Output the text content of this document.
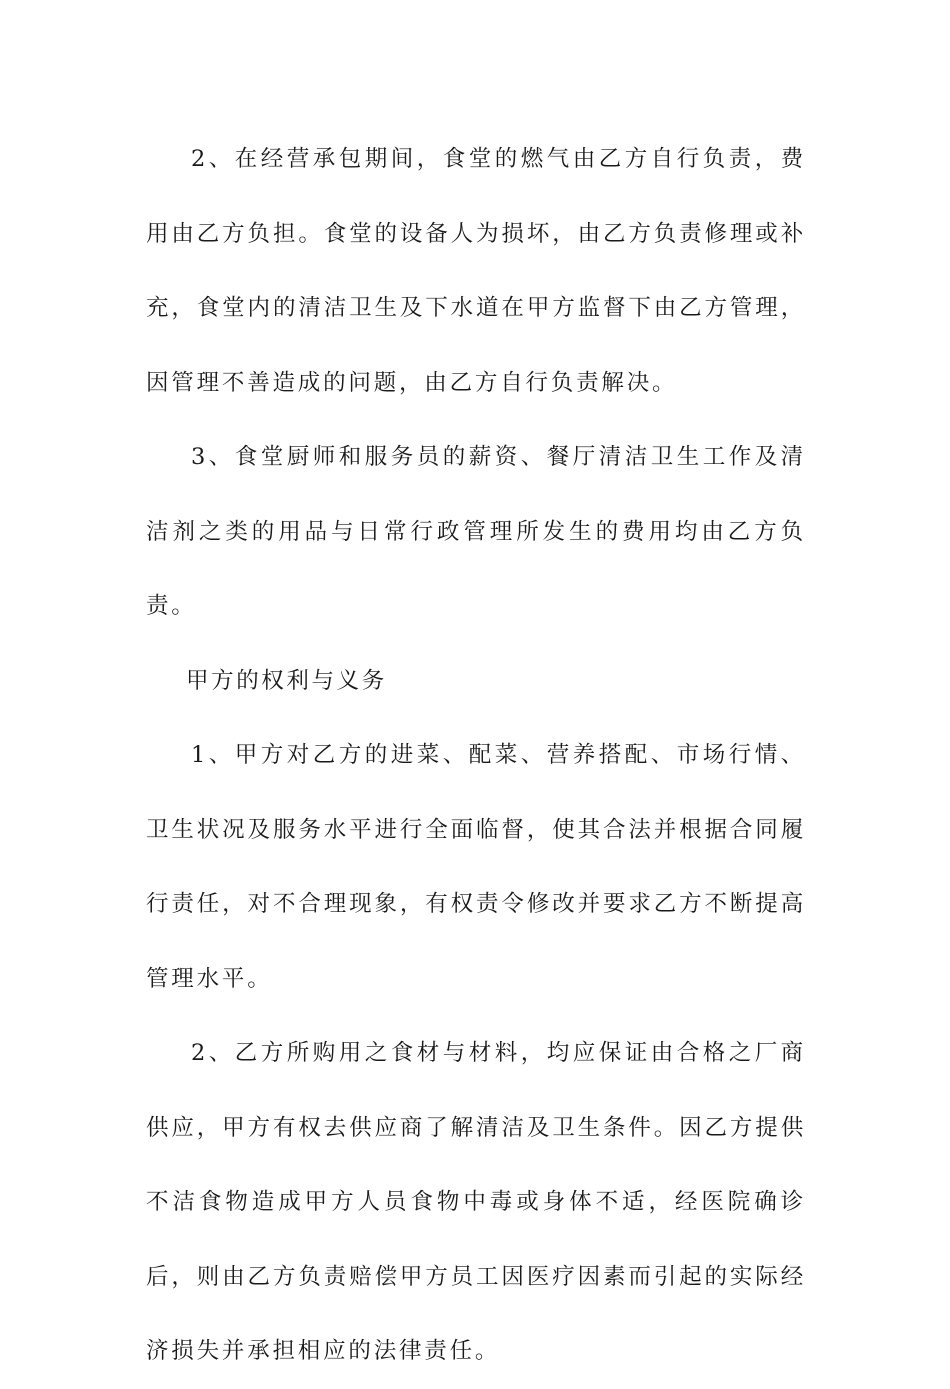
2、在经营承包期间，食堂的燃气由乙方自行负责，费用由乙方负担。食堂的设备人为损坏，由乙方负责修理或补充，食堂内的清洁卫生及下水道在甲方监督下由乙方管理，因管理不善造成的问题，由乙方自行负责解决。

3、食堂厨师和服务员的薪资、餐厅清洁卫生工作及清洁剂之类的用品与日常行政管理所发生的费用均由乙方负责。

甲方的权利与义务

1、甲方对乙方的进菜、配菜、营养搭配、市场行情、卫生状况及服务水平进行全面临督，使其合法并根据合同履行责任，对不合理现象，有权责令修改并要求乙方不断提高管理水平。

2、乙方所购用之食材与材料，均应保证由合格之厂商供应，甲方有权去供应商了解清洁及卫生条件。因乙方提供不洁食物造成甲方人员食物中毒或身体不适，经医院确诊后，则由乙方负责赔偿甲方员工因医疗因素而引起的实际经济损失并承担相应的法律责任。
